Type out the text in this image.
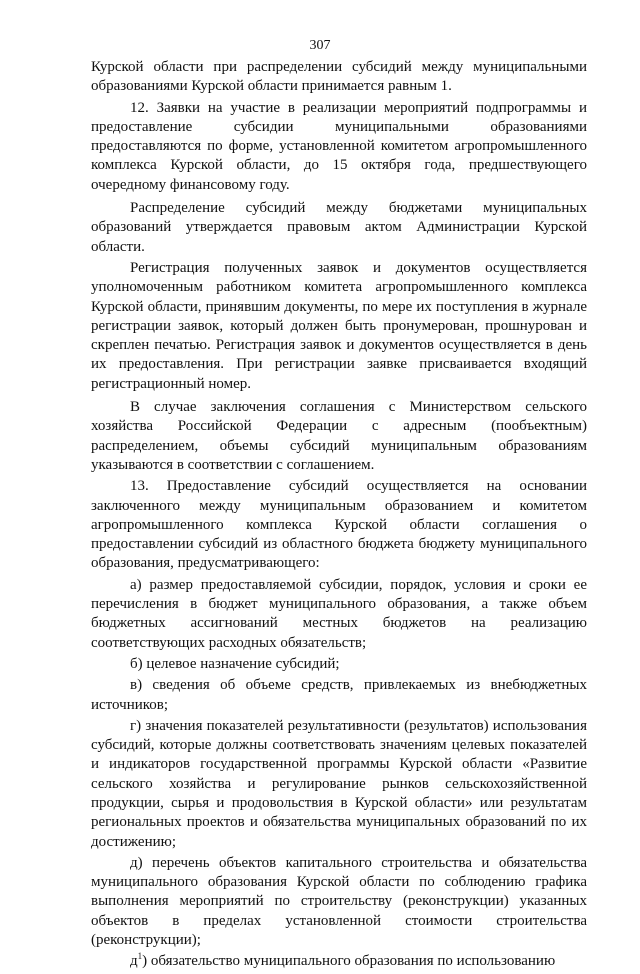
307

Курской области при распределении субсидий между муниципальными образованиями Курской области принимается равным 1.

12. Заявки на участие в реализации мероприятий подпрограммы и предоставление субсидии муниципальными образованиями предоставляются по форме, установленной комитетом агропромышленного комплекса Курской области, до 15 октября года, предшествующего очередному финансовому году.

Распределение субсидий между бюджетами муниципальных образований утверждается правовым актом Администрации Курской области.

Регистрация полученных заявок и документов осуществляется уполномоченным работником комитета агропромышленного комплекса Курской области, принявшим документы, по мере их поступления в журнале регистрации заявок, который должен быть пронумерован, прошнурован и скреплен печатью. Регистрация заявок и документов осуществляется в день их предоставления. При регистрации заявке присваивается входящий регистрационный номер.

В случае заключения соглашения с Министерством сельского хозяйства Российской Федерации с адресным (пообъектным) распределением, объемы субсидий муниципальным образованиям указываются в соответствии с соглашением.

13. Предоставление субсидий осуществляется на основании заключенного между муниципальным образованием и комитетом агропромышленного комплекса Курской области соглашения о предоставлении субсидий из областного бюджета бюджету муниципального образования, предусматривающего:

а) размер предоставляемой субсидии, порядок, условия и сроки ее перечисления в бюджет муниципального образования, а также объем бюджетных ассигнований местных бюджетов на реализацию соответствующих расходных обязательств;

б) целевое назначение субсидий;

в) сведения об объеме средств, привлекаемых из внебюджетных источников;

г) значения показателей результативности (результатов) использования субсидий, которые должны соответствовать значениям целевых показателей и индикаторов государственной программы Курской области «Развитие сельского хозяйства и регулирование рынков сельскохозяйственной продукции, сырья и продовольствия в Курской области» или результатам региональных проектов и обязательства муниципальных образований по их достижению;

д) перечень объектов капитального строительства и обязательства муниципального образования Курской области по соблюдению графика выполнения мероприятий по строительству (реконструкции) указанных объектов в пределах установленной стоимости строительства (реконструкции);

$д^1$) обязательство муниципального образования по использованию
